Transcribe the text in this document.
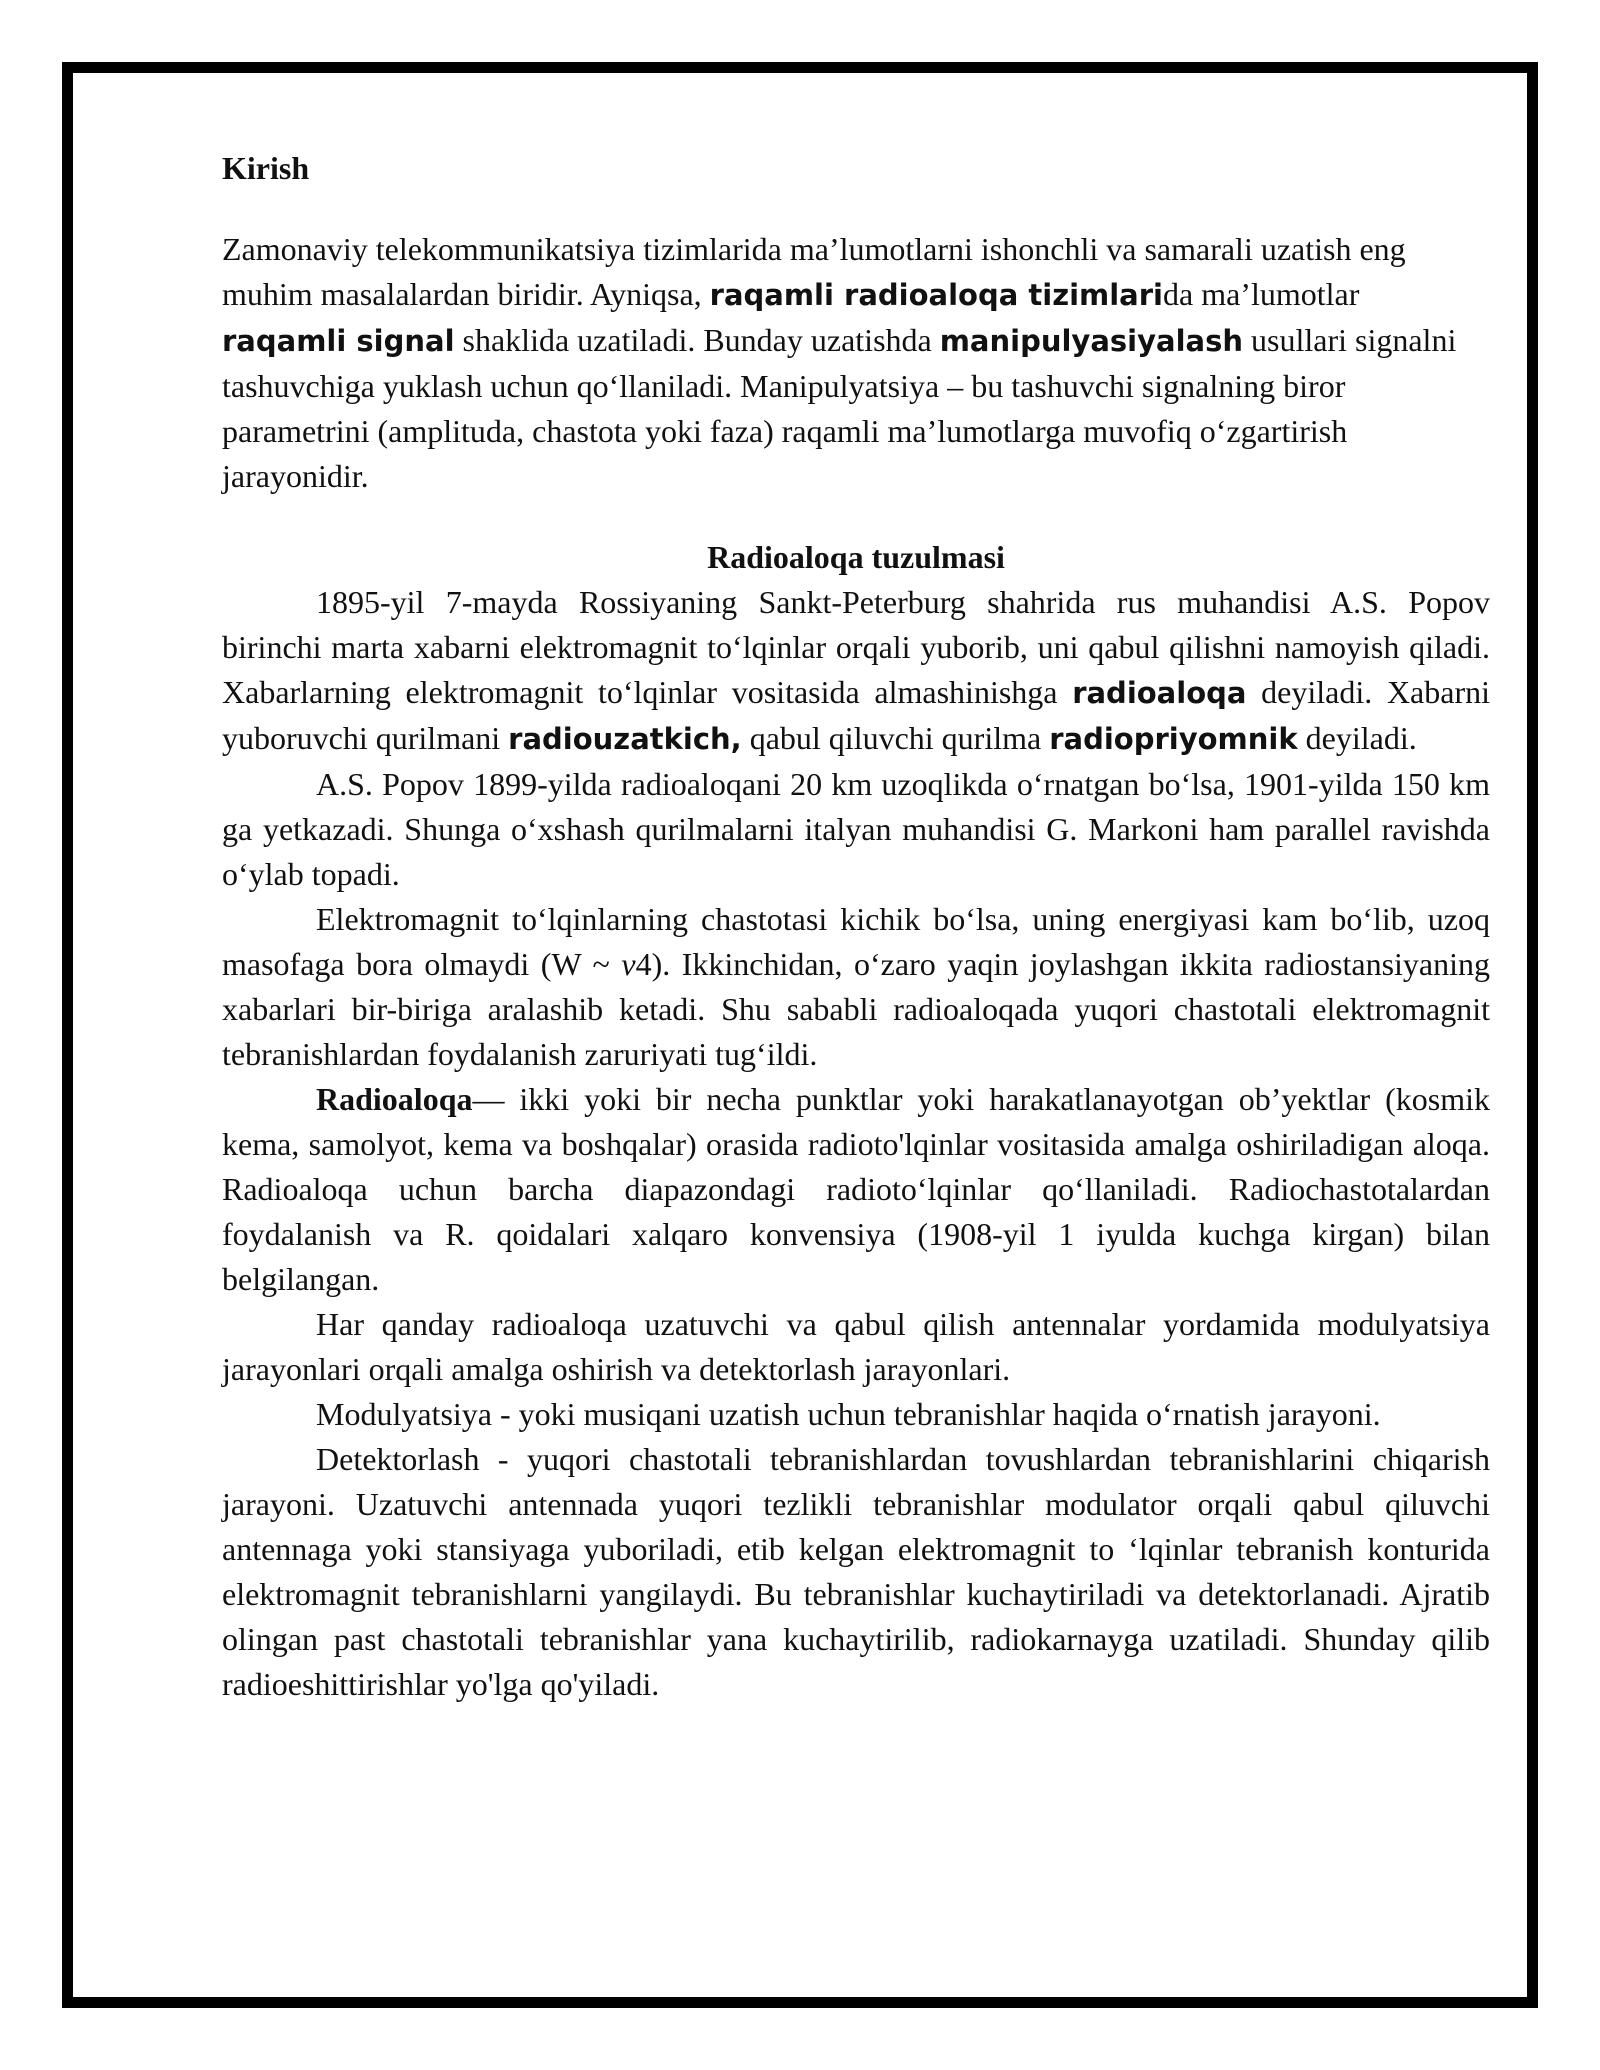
Kirish

Zamonaviy telekommunikatsiya tizimlarida ma’lumotlarni ishonchli va samarali uzatish eng muhim masalalardan biridir. Ayniqsa, raqamli radioaloqa tizimlarida ma’lumotlar raqamli signal shaklida uzatiladi. Bunday uzatishda manipulyasiyalash usullari signalni tashuvchiga yuklash uchun qo‘llaniladi. Manipulyatsiya – bu tashuvchi signalning biror parametrini (amplituda, chastota yoki faza) raqamli ma’lumotlarga muvofiq o‘zgartirish jarayonidir.

Radioaloqa tuzulmasi

1895-yil 7-mayda Rossiyaning Sankt-Peterburg shahrida rus muhandisi A.S. Popov birinchi marta xabarni elektromagnit to‘lqinlar orqali yuborib, uni qabul qilishni namoyish qiladi. Xabarlarning elektromagnit to‘lqinlar vositasida almashinishga radioaloqa deyiladi. Xabarni yuboruvchi qurilmani radiouzatkich, qabul qiluvchi qurilma radiopriyomnik deyiladi.

A.S. Popov 1899-yilda radioaloqani 20 km uzoqlikda o‘rnatgan bo‘lsa, 1901-yilda 150 km ga yetkazadi. Shunga o‘xshash qurilmalarni italyan muhandisi G. Markoni ham parallel ravishda o‘ylab topadi.

Elektromagnit to‘lqinlarning chastotasi kichik bo‘lsa, uning energiyasi kam bo‘lib, uzoq masofaga bora olmaydi (W ~ v4). Ikkinchidan, o‘zaro yaqin joylashgan ikkita radiostansiyaning xabarlari bir-biriga aralashib ketadi. Shu sababli radioaloqada yuqori chastotali elektromagnit tebranishlardan foydalanish zaruriyati tug‘ildi.

Radioaloqa— ikki yoki bir necha punktlar yoki harakatlanayotgan ob’yektlar (kosmik kema, samolyot, kema va boshqalar) orasida radioto'lqinlar vositasida amalga oshiriladigan aloqa. Radioaloqa uchun barcha diapazondagi radioto‘lqinlar qo‘llaniladi. Radiochastotalardan foydalanish va R. qoidalari xalqaro konvensiya (1908-yil 1 iyulda kuchga kirgan) bilan belgilangan.

Har qanday radioaloqa uzatuvchi va qabul qilish antennalar yordamida modulyatsiya jarayonlari orqali amalga oshirish va detektorlash jarayonlari.

Modulyatsiya - yoki musiqani uzatish uchun tebranishlar haqida o‘rnatish jarayoni.

Detektorlash - yuqori chastotali tebranishlardan tovushlardan tebranishlarini chiqarish jarayoni. Uzatuvchi antennada yuqori tezlikli tebranishlar modulator orqali qabul qiluvchi antennaga yoki stansiyaga yuboriladi, etib kelgan elektromagnit to ‘lqinlar tebranish konturida elektromagnit tebranishlarni yangilaydi. Bu tebranishlar kuchaytiriladi va detektorlanadi. Ajratib olingan past chastotali tebranishlar yana kuchaytirilib, radiokarnayga uzatiladi. Shunday qilib radioeshittirishlar yo'lga qo'yiladi.
